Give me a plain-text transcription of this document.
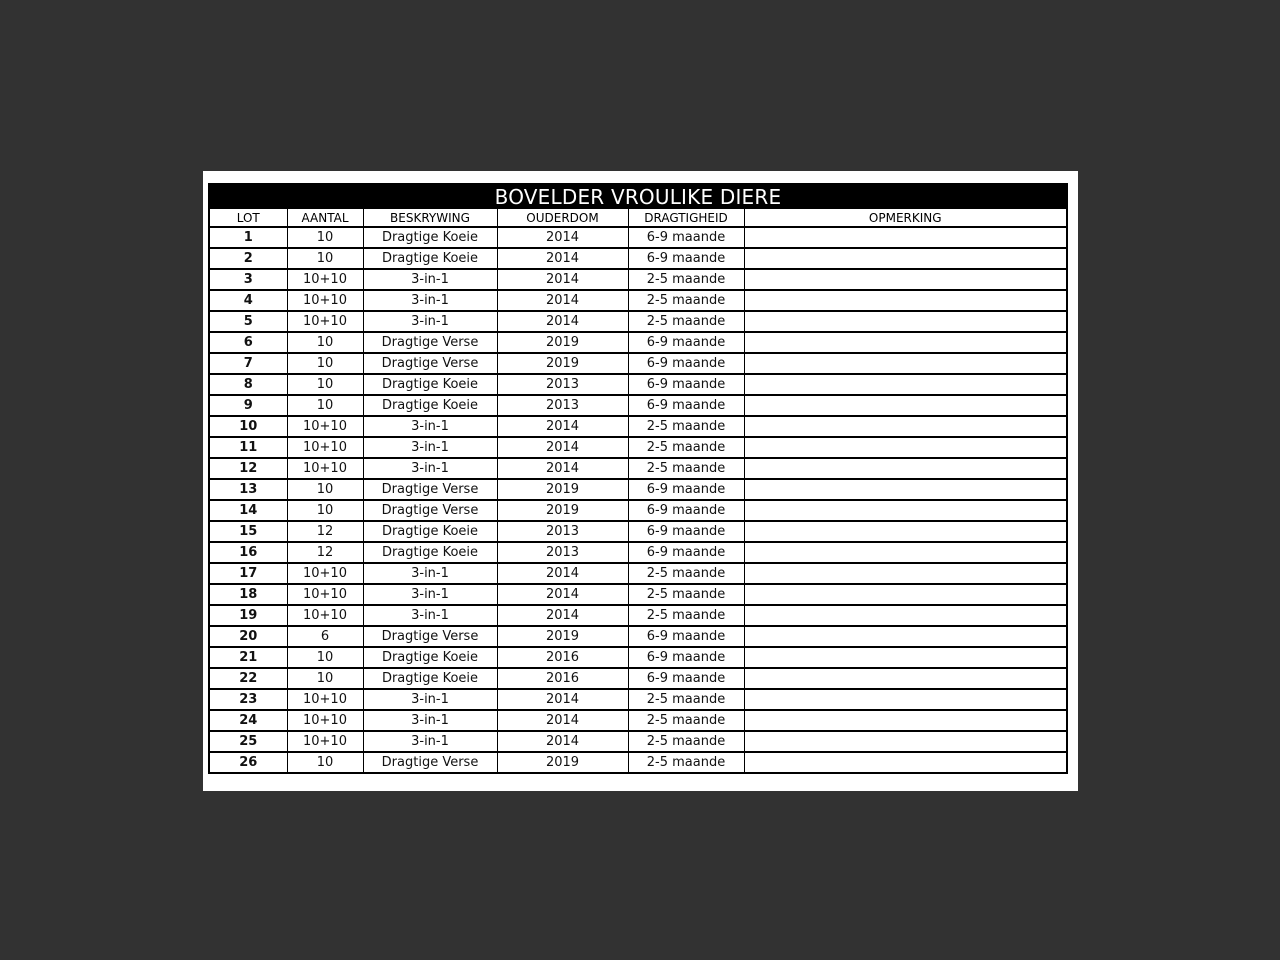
BOVELDER VROULIKE DIERE					
LOT	AANTAL	BESKRYWING	OUDERDOM	DRAGTIGHEID	OPMERKING
1	10	Dragtige Koeie	2014	6-9 maande	
2	10	Dragtige Koeie	2014	6-9 maande	
3	10+10	3-in-1	2014	2-5 maande	
4	10+10	3-in-1	2014	2-5 maande	
5	10+10	3-in-1	2014	2-5 maande	
6	10	Dragtige Verse	2019	6-9 maande	
7	10	Dragtige Verse	2019	6-9 maande	
8	10	Dragtige Koeie	2013	6-9 maande	
9	10	Dragtige Koeie	2013	6-9 maande	
10	10+10	3-in-1	2014	2-5 maande	
11	10+10	3-in-1	2014	2-5 maande	
12	10+10	3-in-1	2014	2-5 maande	
13	10	Dragtige Verse	2019	6-9 maande	
14	10	Dragtige Verse	2019	6-9 maande	
15	12	Dragtige Koeie	2013	6-9 maande	
16	12	Dragtige Koeie	2013	6-9 maande	
17	10+10	3-in-1	2014	2-5 maande	
18	10+10	3-in-1	2014	2-5 maande	
19	10+10	3-in-1	2014	2-5 maande	
20	6	Dragtige Verse	2019	6-9 maande	
21	10	Dragtige Koeie	2016	6-9 maande	
22	10	Dragtige Koeie	2016	6-9 maande	
23	10+10	3-in-1	2014	2-5 maande	
24	10+10	3-in-1	2014	2-5 maande	
25	10+10	3-in-1	2014	2-5 maande	
26	10	Dragtige Verse	2019	2-5 maande	
